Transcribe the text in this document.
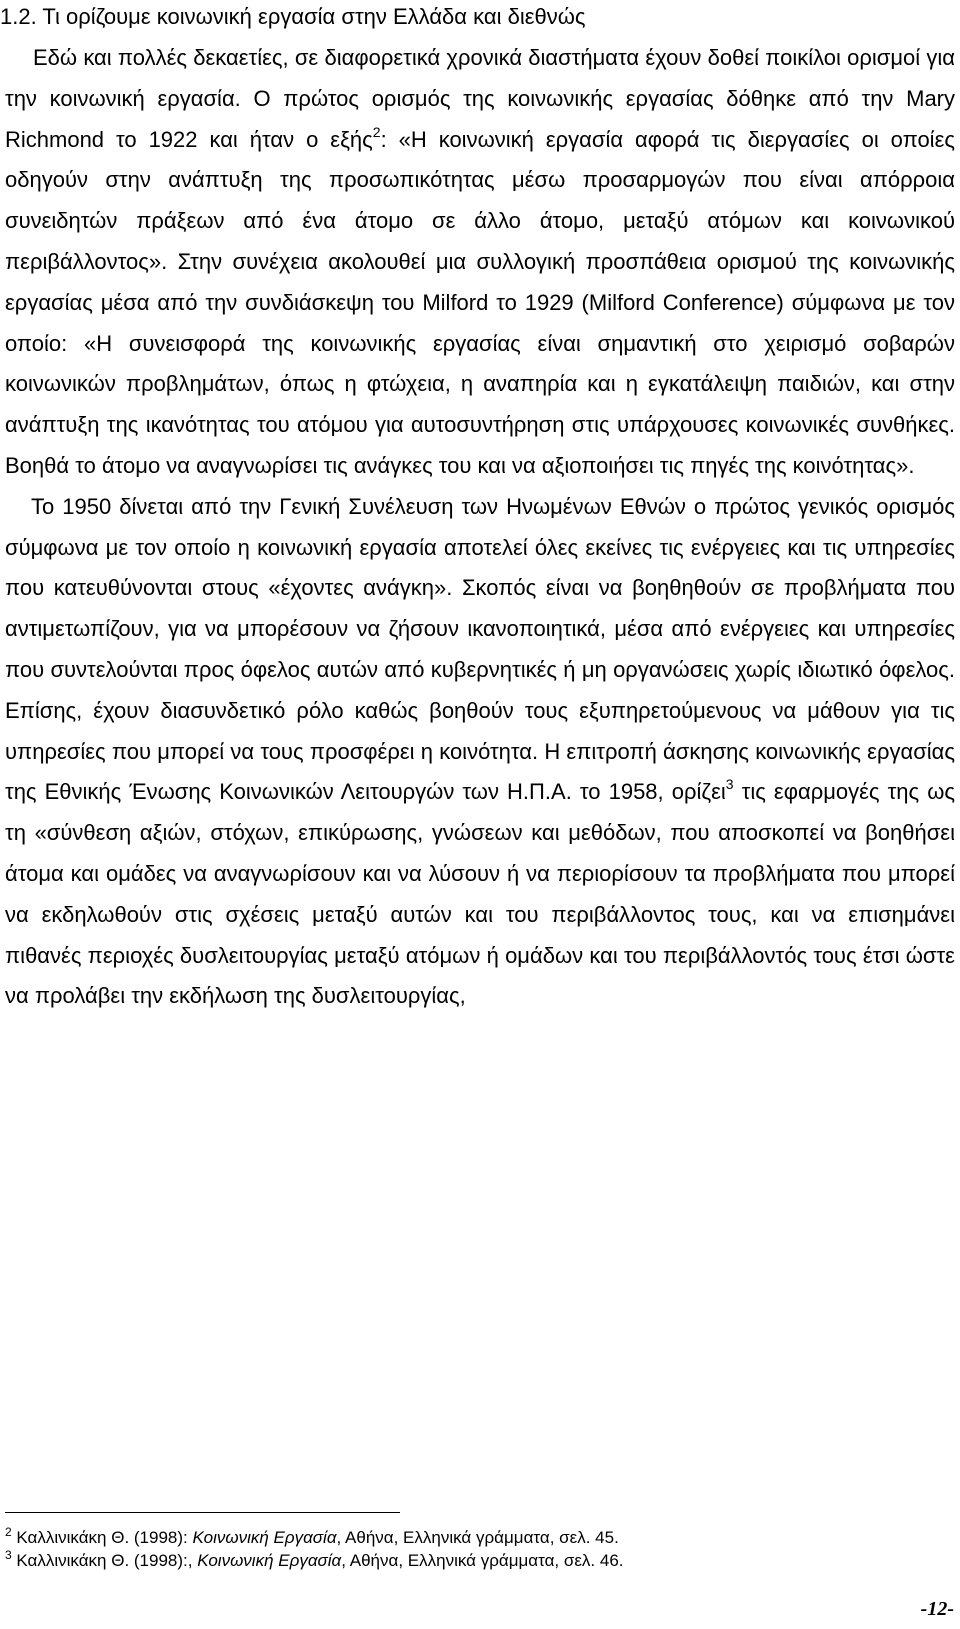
1.2. Τι ορίζουμε κοινωνική εργασία στην Ελλάδα και διεθνώς

Εδώ και πολλές δεκαετίες, σε διαφορετικά χρονικά διαστήματα έχουν δοθεί ποικίλοι ορισμοί για την κοινωνική εργασία. Ο πρώτος ορισμός της κοινωνικής εργασίας δόθηκε από την Mary Richmond το 1922 και ήταν ο εξής$^2$: «Η κοινωνική εργασία αφορά τις διεργασίες οι οποίες οδηγούν στην ανάπτυξη της προσωπικότητας μέσω προσαρμογών που είναι απόρροια συνειδητών πράξεων από ένα άτομο σε άλλο άτομο, μεταξύ ατόμων και κοινωνικού περιβάλλοντος». Στην συνέχεια ακολουθεί μια συλλογική προσπάθεια ορισμού της κοινωνικής εργασίας μέσα από την συνδιάσκεψη του Milford το 1929 (Milford Conference) σύμφωνα με τον οποίο: «Η συνεισφορά της κοινωνικής εργασίας είναι σημαντική στο χειρισμό σοβαρών κοινωνικών προβλημάτων, όπως η φτώχεια, η αναπηρία και η εγκατάλειψη παιδιών, και στην ανάπτυξη της ικανότητας του ατόμου για αυτοσυντήρηση στις υπάρχουσες κοινωνικές συνθήκες. Βοηθά το άτομο να αναγνωρίσει τις ανάγκες του και να αξιοποιήσει τις πηγές της κοινότητας».

Το 1950 δίνεται από την Γενική Συνέλευση των Ηνωμένων Εθνών ο πρώτος γενικός ορισμός σύμφωνα με τον οποίο η κοινωνική εργασία αποτελεί όλες εκείνες τις ενέργειες και τις υπηρεσίες που κατευθύνονται στους «έχοντες ανάγκη». Σκοπός είναι να βοηθηθούν σε προβλήματα που αντιμετωπίζουν, για να μπορέσουν να ζήσουν ικανοποιητικά, μέσα από ενέργειες και υπηρεσίες που συντελούνται προς όφελος αυτών από κυβερνητικές ή μη οργανώσεις χωρίς ιδιωτικό όφελος. Επίσης, έχουν διασυνδετικό ρόλο καθώς βοηθούν τους εξυπηρετούμενους να μάθουν για τις υπηρεσίες που μπορεί να τους προσφέρει η κοινότητα. Η επιτροπή άσκησης κοινωνικής εργασίας της Εθνικής Ένωσης Κοινωνικών Λειτουργών των Η.Π.Α. το 1958, ορίζει$^3$ τις εφαρμογές της ως τη «σύνθεση αξιών, στόχων, επικύρωσης, γνώσεων και μεθόδων, που αποσκοπεί να βοηθήσει άτομα και ομάδες να αναγνωρίσουν και να λύσουν ή να περιορίσουν τα προβλήματα που μπορεί να εκδηλωθούν στις σχέσεις μεταξύ αυτών και του περιβάλλοντος τους, και να επισημάνει πιθανές περιοχές δυσλειτουργίας μεταξύ ατόμων ή ομάδων και του περιβάλλοντός τους έτσι ώστε να προλάβει την εκδήλωση της δυσλειτουργίας,

$^2$ Καλλινικάκη Θ. (1998): Κοινωνική Εργασία, Αθήνα, Ελληνικά γράμματα, σελ. 45.
$^3$ Καλλινικάκη Θ. (1998):, Κοινωνική Εργασία, Αθήνα, Ελληνικά γράμματα, σελ. 46.
-12-
